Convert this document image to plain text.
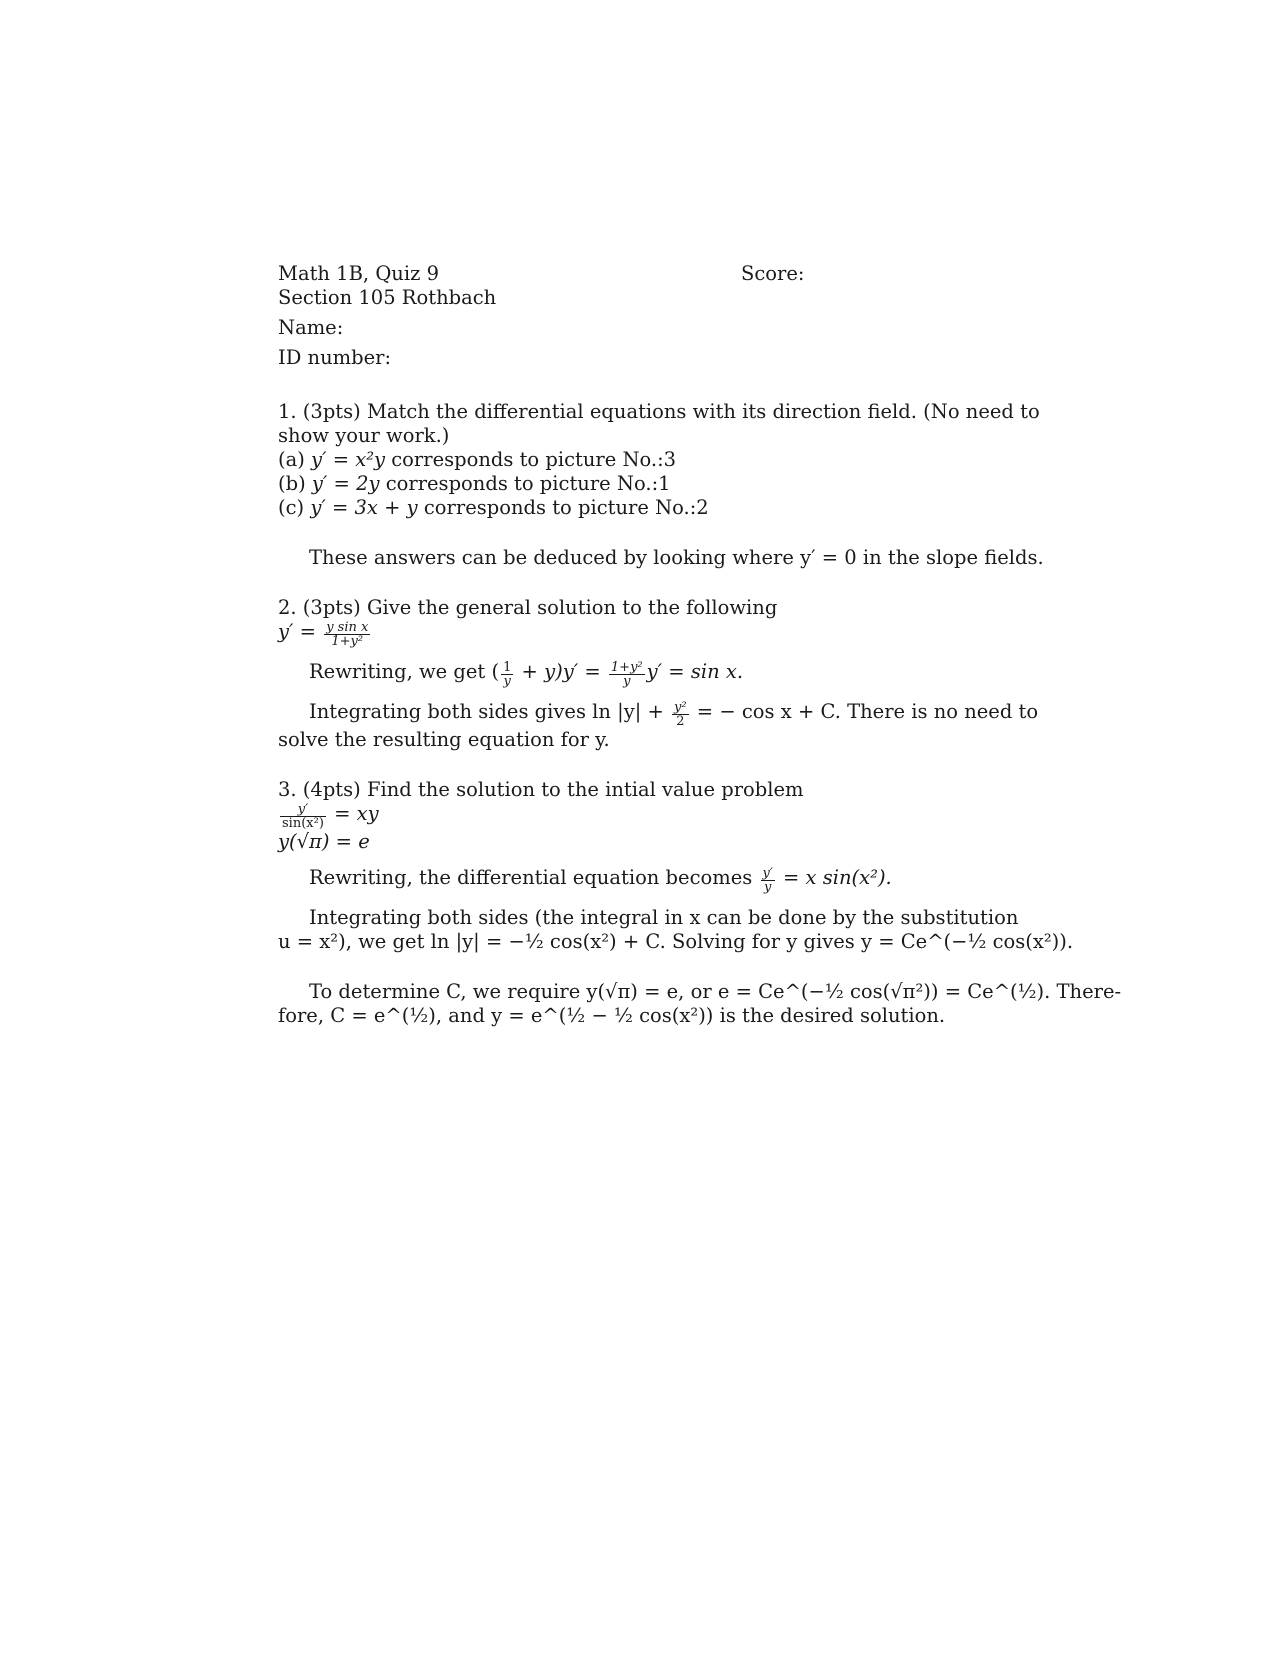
Math 1B, Quiz 9	Score:
Section 105 Rothbach
Name:
ID number:
1. (3pts) Match the differential equations with its direction field. (No need to
show your work.)
(a) y′ = x²y corresponds to picture No.:3
(b) y′ = 2y corresponds to picture No.:1
(c) y′ = 3x + y corresponds to picture No.:2
These answers can be deduced by looking where y′ = 0 in the slope fields.
2. (3pts) Give the general solution to the following
$y' = \frac{\text{y sin x}}{\text{1+y²}}$
Rewriting, we get ( $\frac{1}{y} + y)y' = \frac{\text{1+y²}}{y} y' = \sin x$.
Integrating both sides gives $\ln |y| + \frac{\text{y²}}{2}$ = − cos x + C. There is no need to
solve the resulting equation for y.
3. (4pts) Find the solution to the intial value problem
$\frac{y'}{\text{sin(x²)}}$ = xy
y(√π) = e
Rewriting, the differential equation becomes $\frac{y'}{y} = x$ sin(x²).
Integrating both sides (the integral in x can be done by the substitution
u = x²), we get ln |y| = −½ cos(x²) + C. Solving for y gives y = Ce^(−½ cos(x²)).
To determine C, we require y(√π) = e, or e = Ce^(−½ cos(√π²)) = Ce^(½). There-
fore, C = e^(½), and y = e^(½ − ½ cos(x²)) is the desired solution.
